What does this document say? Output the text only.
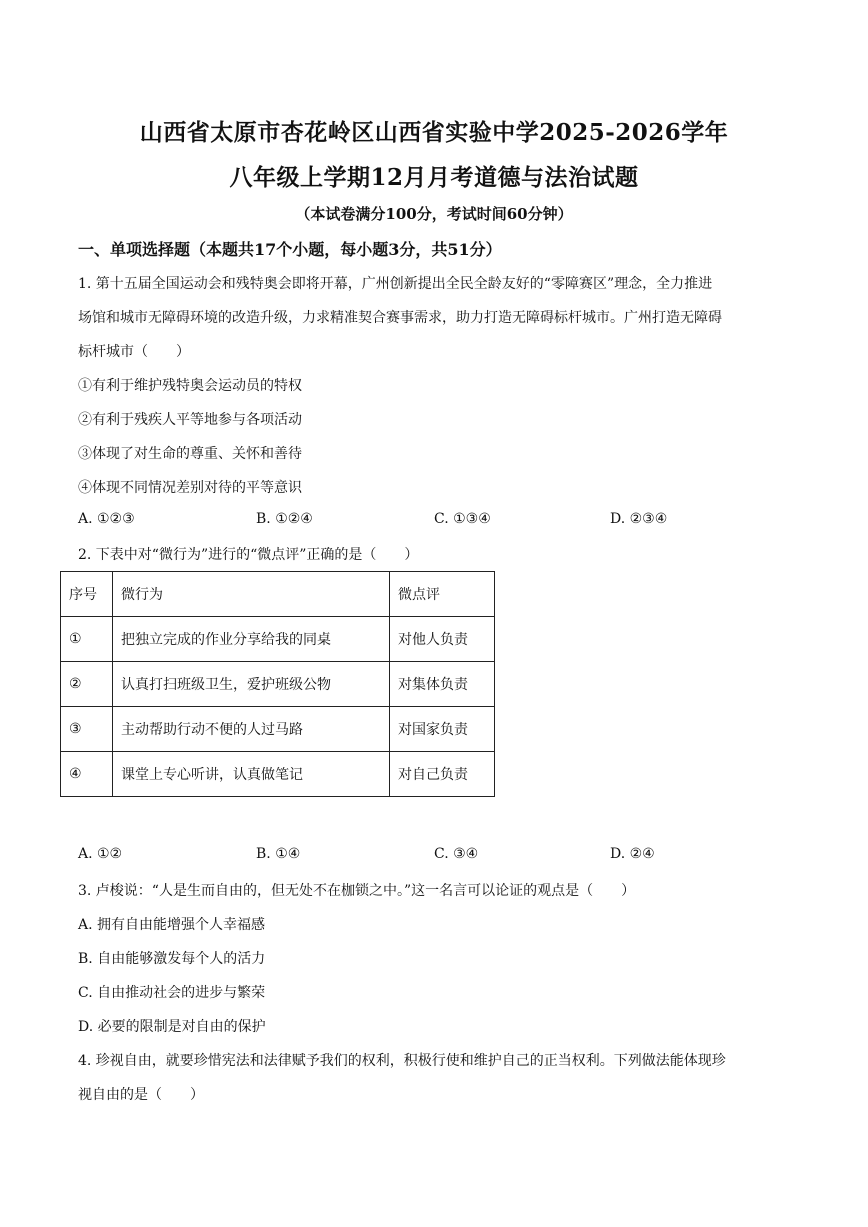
山西省太原市杏花岭区山西省实验中学2025-2026学年
八年级上学期12月月考道德与法治试题
（本试卷满分100分，考试时间60分钟）
一、单项选择题（本题共17个小题，每小题3分，共51分）
1. 第十五届全国运动会和残特奥会即将开幕，广州创新提出全民全龄友好的“零障赛区”理念，全力推进
场馆和城市无障碍环境的改造升级，力求精准契合赛事需求，助力打造无障碍标杆城市。广州打造无障碍
标杆城市（　　）
①有利于维护残特奥会运动员的特权
②有利于残疾人平等地参与各项活动
③体现了对生命的尊重、关怀和善待
④体现不同情况差别对待的平等意识
A. ①②③	B. ①②④	C. ①③④	D. ②③④
2. 下表中对“微行为”进行的“微点评”正确的是（　　）
序号	微行为	微点评
①	把独立完成的作业分享给我的同桌	对他人负责
②	认真打扫班级卫生，爱护班级公物	对集体负责
③	主动帮助行动不便的人过马路	对国家负责
④	课堂上专心听讲，认真做笔记	对自己负责
A. ①②	B. ①④	C. ③④	D. ②④
3. 卢梭说：“人是生而自由的，但无处不在枷锁之中。”这一名言可以论证的观点是（　　）
A. 拥有自由能增强个人幸福感
B. 自由能够激发每个人的活力
C. 自由推动社会的进步与繁荣
D. 必要的限制是对自由的保护
4. 珍视自由，就要珍惜宪法和法律赋予我们的权利，积极行使和维护自己的正当权利。下列做法能体现珍
视自由的是（　　）
